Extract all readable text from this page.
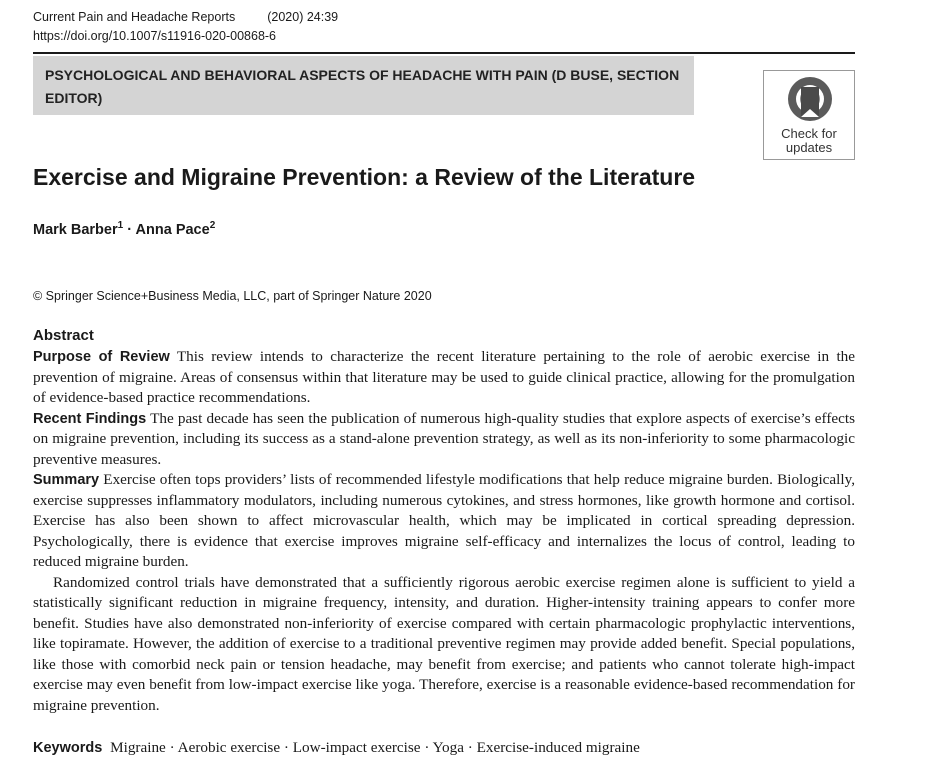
Current Pain and Headache Reports	(2020) 24:39
https://doi.org/10.1007/s11916-020-00868-6
PSYCHOLOGICAL AND BEHAVIORAL ASPECTS OF HEADACHE WITH PAIN (D BUSE, SECTION EDITOR)
Check for
updates
Exercise and Migraine Prevention: a Review of the Literature
Mark Barber$^1$ · Anna Pace$^2$
© Springer Science+Business Media, LLC, part of Springer Nature 2020
Abstract

Purpose of Review This review intends to characterize the recent literature pertaining to the role of aerobic exercise in the prevention of migraine. Areas of consensus within that literature may be used to guide clinical practice, allowing for the promulgation of evidence-based practice recommendations.

Recent Findings The past decade has seen the publication of numerous high-quality studies that explore aspects of exercise’s effects on migraine prevention, including its success as a stand-alone prevention strategy, as well as its non-inferiority to some pharmacologic preventive measures.

Summary Exercise often tops providers’ lists of recommended lifestyle modifications that help reduce migraine burden. Biologically, exercise suppresses inflammatory modulators, including numerous cytokines, and stress hormones, like growth hormone and cortisol. Exercise has also been shown to affect microvascular health, which may be implicated in cortical spreading depression. Psychologically, there is evidence that exercise improves migraine self-efficacy and internalizes the locus of control, leading to reduced migraine burden.

Randomized control trials have demonstrated that a sufficiently rigorous aerobic exercise regimen alone is sufficient to yield a statistically significant reduction in migraine frequency, intensity, and duration. Higher-intensity training appears to confer more benefit. Studies have also demonstrated non-inferiority of exercise compared with certain pharmacologic prophylactic interventions, like topiramate. However, the addition of exercise to a traditional preventive regimen may provide added benefit. Special populations, like those with comorbid neck pain or tension headache, may benefit from exercise; and patients who cannot tolerate high-impact exercise may even benefit from low-impact exercise like yoga. Therefore, exercise is a reasonable evidence-based recommendation for migraine prevention.

Keywords Migraine · Aerobic exercise · Low-impact exercise · Yoga · Exercise-induced migraine
